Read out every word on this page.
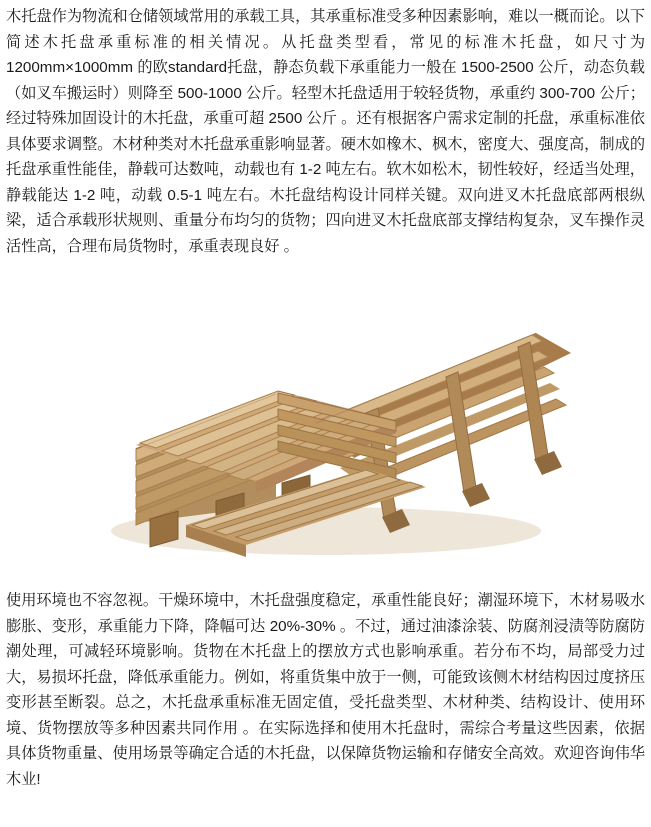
木托盘作为物流和仓储领域常用的承载工具，其承重标准受多种因素影响，难以一概而论。以下简述木托盘承重标准的相关情况。从托盘类型看，常见的标准木托盘，如尺寸为 1200mm×1000mm 的欧standard托盘，静态负载下承重能力一般在 1500-2500 公斤，动态负载（如叉车搬运时）则降至 500-1000 公斤。轻型木托盘适用于较轻货物，承重约 300-700 公斤；经过特殊加固设计的木托盘，承重可超 2500 公斤 。还有根据客户需求定制的托盘，承重标准依具体要求调整。木材种类对木托盘承重影响显著。硬木如橡木、枫木，密度大、强度高，制成的托盘承重性能佳，静载可达数吨，动载也有 1-2 吨左右。软木如松木，韧性较好，经适当处理，静载能达 1-2 吨，动载 0.5-1 吨左右。木托盘结构设计同样关键。双向进叉木托盘底部两根纵梁，适合承载形状规则、重量分布均匀的货物；四向进叉木托盘底部支撑结构复杂，叉车操作灵活性高，合理布局货物时，承重表现良好 。

使用环境也不容忽视。干燥环境中，木托盘强度稳定，承重性能良好；潮湿环境下，木材易吸水膨胀、变形，承重能力下降，降幅可达 20%-30% 。不过，通过油漆涂装、防腐剂浸渍等防腐防潮处理，可减轻环境影响。货物在木托盘上的摆放方式也影响承重。若分布不均，局部受力过大，易损坏托盘，降低承重能力。例如，将重货集中放于一侧，可能致该侧木材结构因过度挤压变形甚至断裂。总之，木托盘承重标准无固定值，受托盘类型、木材种类、结构设计、使用环境、货物摆放等多种因素共同作用 。在实际选择和使用木托盘时，需综合考量这些因素，依据具体货物重量、使用场景等确定合适的木托盘，以保障货物运输和存储安全高效。欢迎咨询伟华木业!
